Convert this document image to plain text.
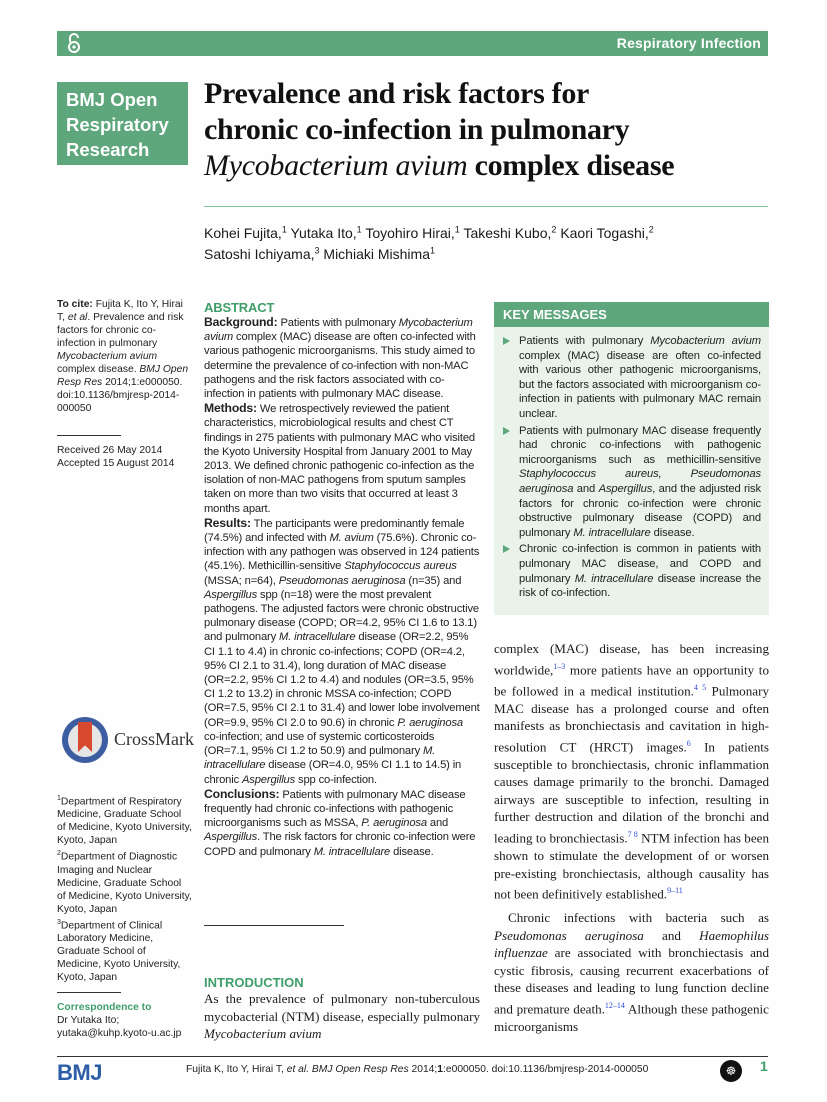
Respiratory Infection
BMJ Open
Respiratory
Research
Prevalence and risk factors for
chronic co-infection in pulmonary
Mycobacterium avium complex disease
Kohei Fujita,$^1$ Yutaka Ito,$^1$ Toyohiro Hirai,$^1$ Takeshi Kubo,$^2$ Kaori Togashi,$^2$
Satoshi Ichiyama,$^3$ Michiaki Mishima$^1$
To cite: Fujita K, Ito Y, Hirai T, et al. Prevalence and risk factors for chronic co-infection in pulmonary Mycobacterium avium complex disease. BMJ Open Resp Res 2014;1:e000050. doi:10.1136/bmjresp-2014-000050
Received 26 May 2014
Accepted 15 August 2014
CrossMark
$^1$Department of Respiratory Medicine, Graduate School of Medicine, Kyoto University, Kyoto, Japan
$^2$Department of Diagnostic Imaging and Nuclear Medicine, Graduate School of Medicine, Kyoto University, Kyoto, Japan
$^3$Department of Clinical Laboratory Medicine, Graduate School of Medicine, Kyoto University, Kyoto, Japan
Correspondence to
Dr Yutaka Ito;
yutaka@kuhp.kyoto-u.ac.jp
ABSTRACT
Background: Patients with pulmonary Mycobacterium avium complex (MAC) disease are often co-infected with various pathogenic microorganisms. This study aimed to determine the prevalence of co-infection with non-MAC pathogens and the risk factors associated with co-infection in patients with pulmonary MAC disease.
Methods: We retrospectively reviewed the patient characteristics, microbiological results and chest CT findings in 275 patients with pulmonary MAC who visited the Kyoto University Hospital from January 2001 to May 2013. We defined chronic pathogenic co-infection as the isolation of non-MAC pathogens from sputum samples taken on more than two visits that occurred at least 3 months apart.
Results: The participants were predominantly female (74.5%) and infected with M. avium (75.6%). Chronic co-infection with any pathogen was observed in 124 patients (45.1%). Methicillin-sensitive Staphylococcus aureus (MSSA; n=64), Pseudomonas aeruginosa (n=35) and Aspergillus spp (n=18) were the most prevalent pathogens. The adjusted factors were chronic obstructive pulmonary disease (COPD; OR=4.2, 95% CI 1.6 to 13.1) and pulmonary M. intracellulare disease (OR=2.2, 95% CI 1.1 to 4.4) in chronic co-infections; COPD (OR=4.2, 95% CI 2.1 to 31.4), long duration of MAC disease (OR=2.2, 95% CI 1.2 to 4.4) and nodules (OR=3.5, 95% CI 1.2 to 13.2) in chronic MSSA co-infection; COPD (OR=7.5, 95% CI 2.1 to 31.4) and lower lobe involvement (OR=9.9, 95% CI 2.0 to 90.6) in chronic P. aeruginosa co-infection; and use of systemic corticosteroids (OR=7.1, 95% CI 1.2 to 50.9) and pulmonary M. intracellulare disease (OR=4.0, 95% CI 1.1 to 14.5) in chronic Aspergillus spp co-infection.
Conclusions: Patients with pulmonary MAC disease frequently had chronic co-infections with pathogenic microorganisms such as MSSA, P. aeruginosa and Aspergillus. The risk factors for chronic co-infection were COPD and pulmonary M. intracellulare disease.
KEY MESSAGES
Patients with pulmonary Mycobacterium avium complex (MAC) disease are often co-infected with various other pathogenic microorganisms, but the factors associated with microorganism co-infection in patients with pulmonary MAC remain unclear.
Patients with pulmonary MAC disease frequently had chronic co-infections with pathogenic microorganisms such as methicillin-sensitive Staphylococcus aureus, Pseudomonas aeruginosa and Aspergillus, and the adjusted risk factors for chronic co-infection were chronic obstructive pulmonary disease (COPD) and pulmonary M. intracellulare disease.
Chronic co-infection is common in patients with pulmonary MAC disease, and COPD and pulmonary M. intracellulare disease increase the risk of co-infection.
INTRODUCTION
As the prevalence of pulmonary non-tuberculous mycobacterial (NTM) disease, especially pulmonary Mycobacterium avium

complex (MAC) disease, has been increasing worldwide,$^{1-3}$ more patients have an opportunity to be followed in a medical institution.$^{4 5}$ Pulmonary MAC disease has a prolonged course and often manifests as bronchiectasis and cavitation in high-resolution CT (HRCT) images.$^6$ In patients susceptible to bronchiectasis, chronic inflammation causes damage primarily to the bronchi. Damaged airways are susceptible to infection, resulting in further destruction and dilation of the bronchi and leading to bronchiectasis.$^{7 8}$ NTM infection has been shown to stimulate the development of or worsen pre-existing bronchiectasis, although causality has not been definitively established.$^{9-11}$

Chronic infections with bacteria such as Pseudomonas aeruginosa and Haemophilus influenzae are associated with bronchiectasis and cystic fibrosis, causing recurrent exacerbations of these diseases and leading to lung function decline and premature death.$^{12-14}$ Although these pathogenic microorganisms

BMJ	Fujita K, Ito Y, Hirai T, et al. BMJ Open Resp Res 2014;1:e000050. doi:10.1136/bmjresp-2014-000050	☸	1
